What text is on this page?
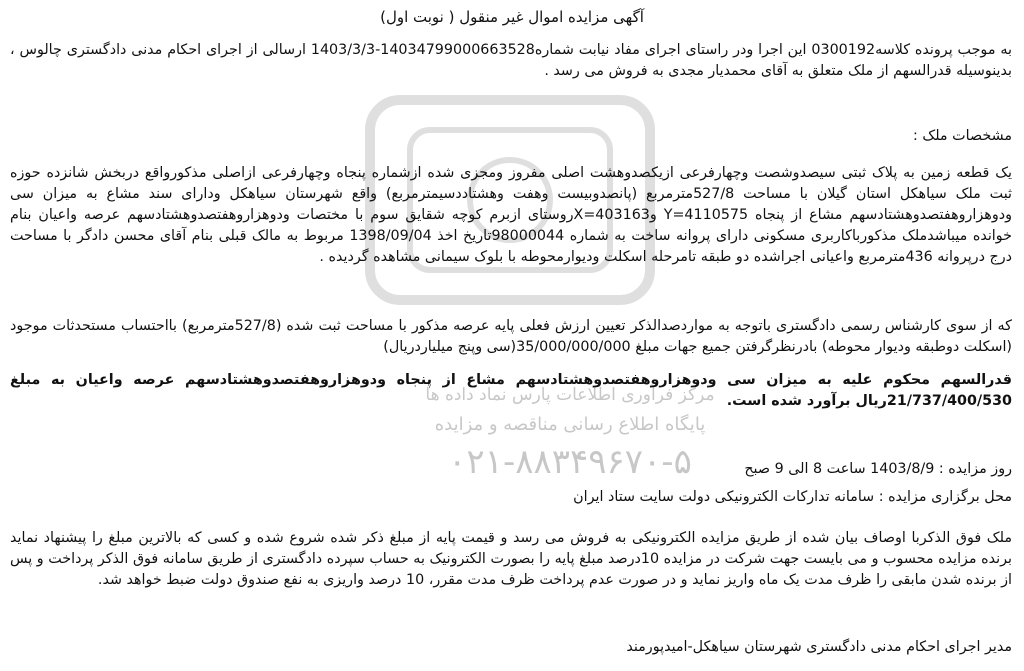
مرکز فرآوری اطلاعات پارس نماد داده ها
پایگاه اطلاع رسانی مناقصه و مزایده
۰۲۱-۸۸۳۴۹۶۷۰-۵
آگهی مزایده اموال غیر منقول ( نوبت اول)
به موجب پرونده کلاسه0300192 این اجرا ودر راستای اجرای مفاد نیابت شماره14034799000663528-1403/3/3 ارسالی از اجرای احکام مدنی دادگستری چالوس ، بدینوسیله قدرالسهم از ملک متعلق به آقای محمدیار مجدی به فروش می رسد .
مشخصات ملک :
یک قطعه زمین به پلاک ثبتی سیصدوشصت وچهارفرعی ازیکصدوهشت اصلی مفروز ومجزی شده ازشماره پنجاه وچهارفرعی ازاصلی مذکورواقع دربخش شانزده حوزه ثبت ملک سیاهکل استان گیلان با مساحت 527/8مترمربع (پانصدوبیست وهفت وهشتاددسیمترمربع) واقع شهرستان سیاهکل ودارای سند مشاع به میزان سی ودوهزاروهفتصدوهشتادسهم مشاع از پنجاه Y=4110575 وX=403163روستای ازبرم کوچه شقایق سوم با مختصات ودوهزاروهفتصدوهشتادسهم عرصه واعیان بنام خوانده میباشدملک مذکورباکاربری مسکونی دارای پروانه ساخت به شماره 98000044تاریخ اخذ 1398/09/04 مربوط به مالک قبلی بنام آقای محسن دادگر با مساحت درج درپروانه 436مترمربع واعیانی اجراشده دو طبقه تامرحله اسکلت ودیوارمحوطه با بلوک سیمانی مشاهده گردیده .
که از سوی کارشناس رسمی دادگستری باتوجه به مواردصدالذکر تعیین ارزش فعلی پایه عرصه مذکور با مساحت ثبت شده (527/8مترمربع) بااحتساب مستحدثات موجود (اسکلت دوطبقه ودیوار محوطه) بادرنظرگرفتن جمیع جهات مبلغ 35/000/000/000(سی وپنج میلیاردریال)
قدرالسهم محکوم علیه به میزان سی ودوهزاروهفتصدوهشتادسهم مشاع از پنجاه ودوهزاروهفتصدوهشتادسهم عرصه واعیان به مبلغ 21/737/400/530ریال برآورد شده است.
روز مزایده : 1403/8/9 ساعت 8 الی 9 صبح
محل برگزاری مزایده : سامانه تدارکات الکترونیکی دولت سایت ستاد ایران
ملک فوق الذکربا اوصاف بیان شده از طریق مزایده الکترونیکی به فروش می رسد و قیمت پایه از مبلغ ذکر شده شروع شده و کسی که بالاترین مبلغ را پیشنهاد نماید برنده مزایده محسوب و می بایست جهت شرکت در مزایده 10درصد مبلغ پایه را بصورت الکترونیک به حساب سپرده دادگستری از طریق سامانه فوق الذکر پرداخت و پس از برنده شدن مابقی را ظرف مدت یک ماه واریز نماید و در صورت عدم پرداخت ظرف مدت مقرر، 10 درصد واریزی به نفع صندوق دولت ضبط خواهد شد.
مدیر اجرای احکام مدنی دادگستری شهرستان سیاهکل-امیدپورمند
